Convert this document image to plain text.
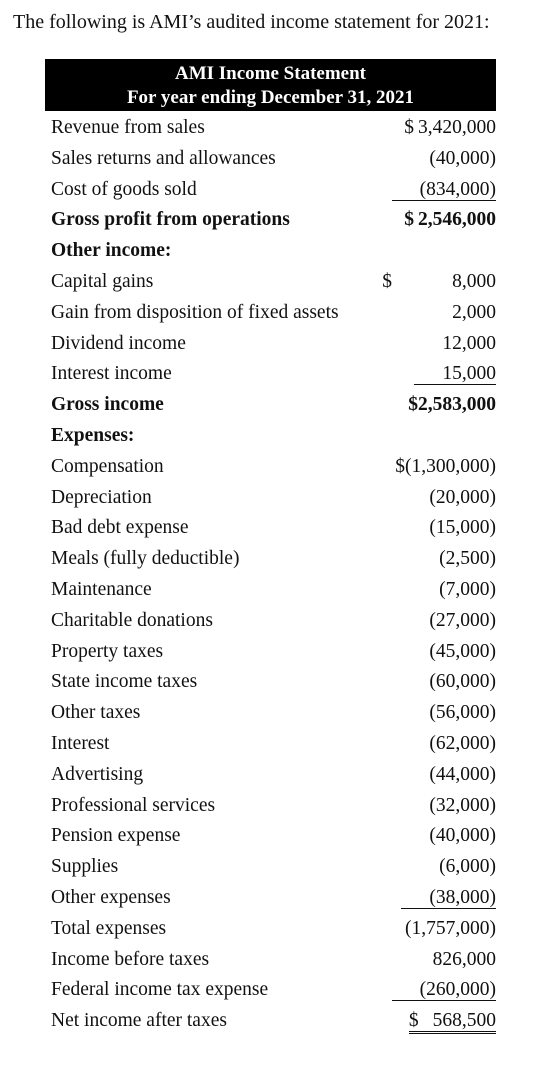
The following is AMI’s audited income statement for 2021:
AMI Income Statement
For year ending December 31, 2021
Revenue from sales	$ 3,420,000
Sales returns and allowances	(40,000)
Cost of goods sold	(834,000)
Gross profit from operations	$ 2,546,000
Other income:
Capital gains	$	8,000
Gain from disposition of fixed assets	2,000
Dividend income	12,000
Interest income	15,000
Gross income	$2,583,000
Expenses:
Compensation	$(1,300,000)
Depreciation	(20,000)
Bad debt expense	(15,000)
Meals (fully deductible)	(2,500)
Maintenance	(7,000)
Charitable donations	(27,000)
Property taxes	(45,000)
State income taxes	(60,000)
Other taxes	(56,000)
Interest	(62,000)
Advertising	(44,000)
Professional services	(32,000)
Pension expense	(40,000)
Supplies	(6,000)
Other expenses	(38,000)
Total expenses	(1,757,000)
Income before taxes	826,000
Federal income tax expense	(260,000)
Net income after taxes	$ 568,500
